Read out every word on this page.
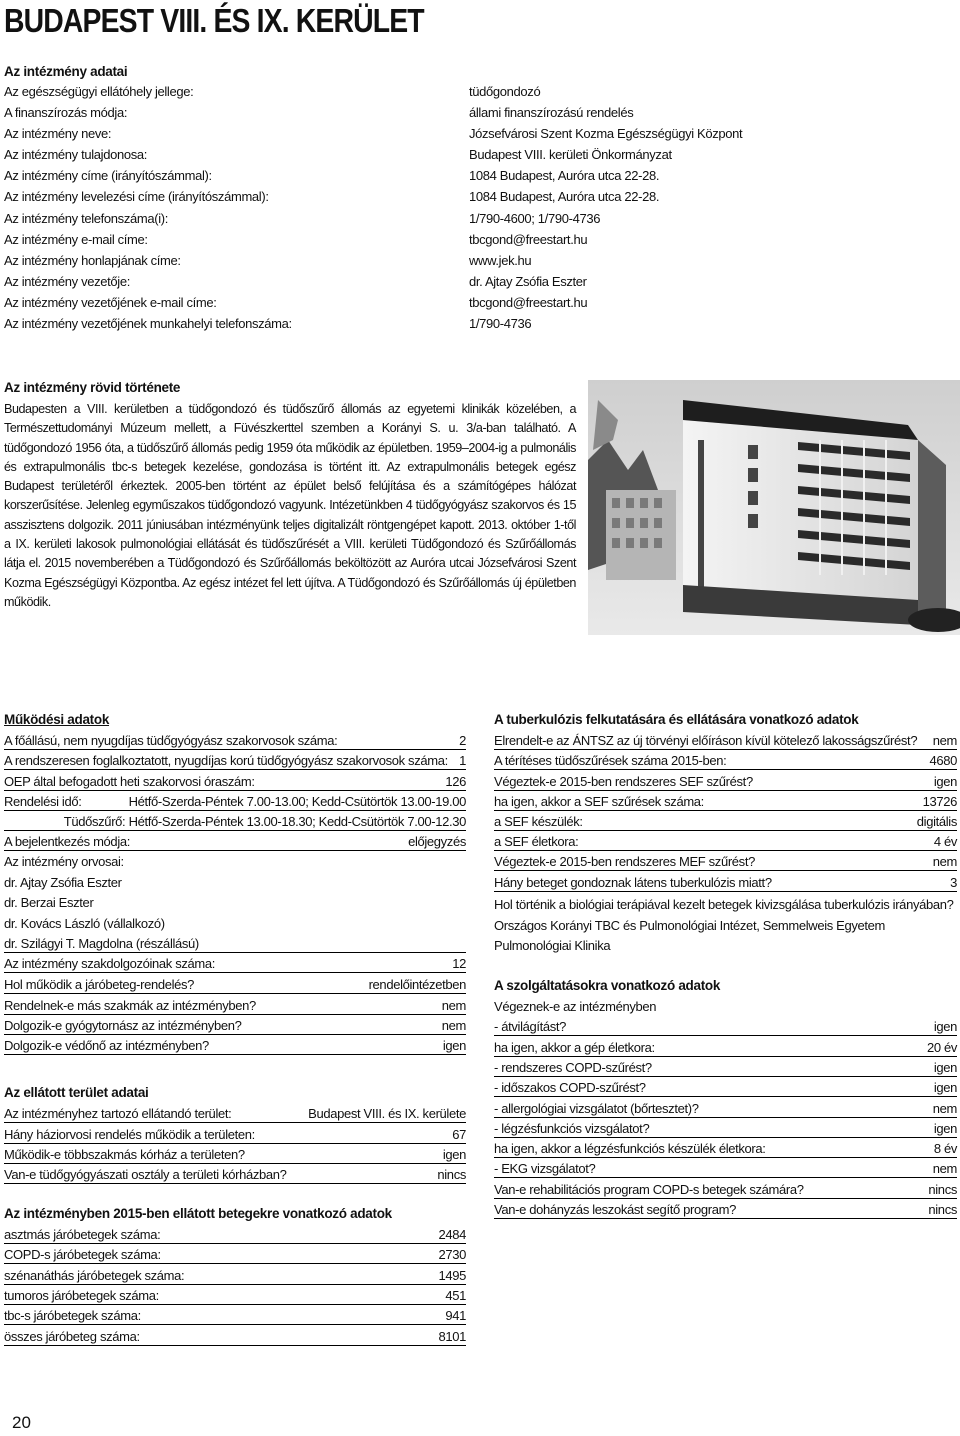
BUDAPEST VIII. ÉS IX. KERÜLET
Az intézmény adatai
Az egészségügyi ellátóhely jellege:	tüdőgondozó
A finanszírozás módja:	állami finanszírozású rendelés
Az intézmény neve:	Józsefvárosi Szent Kozma Egészségügyi Központ
Az intézmény tulajdonosa:	Budapest VIII. kerületi Önkormányzat
Az intézmény címe (irányítószámmal):	1084 Budapest, Auróra utca 22-28.
Az intézmény levelezési címe (irányítószámmal):	1084 Budapest, Auróra utca 22-28.
Az intézmény telefonszáma(i):	1/790-4600; 1/790-4736
Az intézmény e-mail címe:	tbcgond@freestart.hu
Az intézmény honlapjának címe:	www.jek.hu
Az intézmény vezetője:	dr. Ajtay Zsófia Eszter
Az intézmény vezetőjének e-mail címe:	tbcgond@freestart.hu
Az intézmény vezetőjének munkahelyi telefonszáma:	1/790-4736
Az intézmény rövid története
Budapesten a VIII. kerületben a tüdőgondozó és tüdőszűrő állomás az egyetemi klinikák közelében, a Természettudományi Múzeum mellett, a Füvészkerttel szemben a Korányi S. u. 3/a-ban található. A tüdőgondozó 1956 óta, a tüdőszűrő állomás pedig 1959 óta működik az épületben. 1959–2004-ig a pulmonális és extrapulmonális tbc-s betegek kezelése, gondozása is történt itt. Az extrapulmonális betegek egész Budapest területéről érkeztek. 2005-ben történt az épület belső felújítása és a számítógépes hálózat korszerűsítése. Jelenleg egyműszakos tüdőgondozó vagyunk. Intézetünkben 4 tüdőgyógyász szakorvos és 15 asszisztens dolgozik. 2011 júniusában intézményünk teljes digitalizált röntgengépet kapott. 2013. október 1-től a IX. kerületi lakosok pulmonológiai ellátását és tüdőszűrését a VIII. kerületi Tüdőgondozó és Szűrőállomás látja el. 2015 novemberében a Tüdőgondozó és Szűrőállomás beköltözött az Auróra utcai Józsefvárosi Szent Kozma Egészségügyi Központba. Az egész intézet fel lett újítva. A Tüdőgondozó és Szűrőállomás új épületben működik.
Működési adatok
A főállású, nem nyugdíjas tüdőgyógyász szakorvosok száma:	2
A rendszeresen foglalkoztatott, nyugdíjas korú tüdőgyógyász szakorvosok száma: 1
OEP által befogadott heti szakorvosi óraszám:	126
Rendelési idő:	Hétfő-Szerda-Péntek 7.00-13.00; Kedd-Csütörtök 13.00-19.00
Tüdőszűrő: Hétfő-Szerda-Péntek 13.00-18.30; Kedd-Csütörtök 7.00-12.30
A bejelentkezés módja:	előjegyzés
Az intézmény orvosai:
dr. Ajtay Zsófia Eszter
dr. Berzai Eszter
dr. Kovács László (vállalkozó)
dr. Szilágyi T. Magdolna (részállású)
Az intézmény szakdolgozóinak száma:	12
Hol működik a járóbeteg-rendelés?	rendelőintézetben
Rendelnek-e más szakmák az intézményben?	nem
Dolgozik-e gyógytornász az intézményben?	nem
Dolgozik-e védőnő az intézményben?	igen
Az ellátott terület adatai
Az intézményhez tartozó ellátandó terület:	Budapest VIII. és IX. kerülete
Hány háziorvosi rendelés működik a területen:	67
Működik-e többszakmás kórház a területen?	igen
Van-e tüdőgyógyászati osztály a területi kórházban?	nincs
Az intézményben 2015-ben ellátott betegekre vonatkozó adatok
asztmás járóbetegek száma:	2484
COPD-s járóbetegek száma:	2730
szénanáthás járóbetegek száma:	1495
tumoros járóbetegek száma:	451
tbc-s járóbetegek száma:	941
összes járóbeteg száma:	8101
A tuberkulózis felkutatására és ellátására vonatkozó adatok
Elrendelt-e az ÁNTSZ az új törvényi előíráson kívül kötelező lakosságszűrést? nem
A térítéses tüdőszűrések száma 2015-ben:	4680
Végeztek-e 2015-ben rendszeres SEF szűrést?	igen
ha igen, akkor a SEF szűrések száma:	13726
a SEF készülék:	digitális
a SEF életkora:	4 év
Végeztek-e 2015-ben rendszeres MEF szűrést?	nem
Hány beteget gondoznak látens tuberkulózis miatt?	3
Hol történik a biológiai terápiával kezelt betegek kivizsgálása tuberkulózis irányában?
Országos Korányi TBC és Pulmonológiai Intézet, Semmelweis Egyetem Pulmonológiai Klinika
A szolgáltatásokra vonatkozó adatok
Végeznek-e az intézményben
- átvilágítást?	igen
ha igen, akkor a gép életkora:	20 év
- rendszeres COPD-szűrést?	igen
- időszakos COPD-szűrést?	igen
- allergológiai vizsgálatot (bőrtesztet)?	nem
- légzésfunkciós vizsgálatot?	igen
ha igen, akkor a légzésfunkciós készülék életkora:	8 év
- EKG vizsgálatot?	nem
Van-e rehabilitációs program COPD-s betegek számára?	nincs
Van-e dohányzás leszokást segítő program?	nincs
20
